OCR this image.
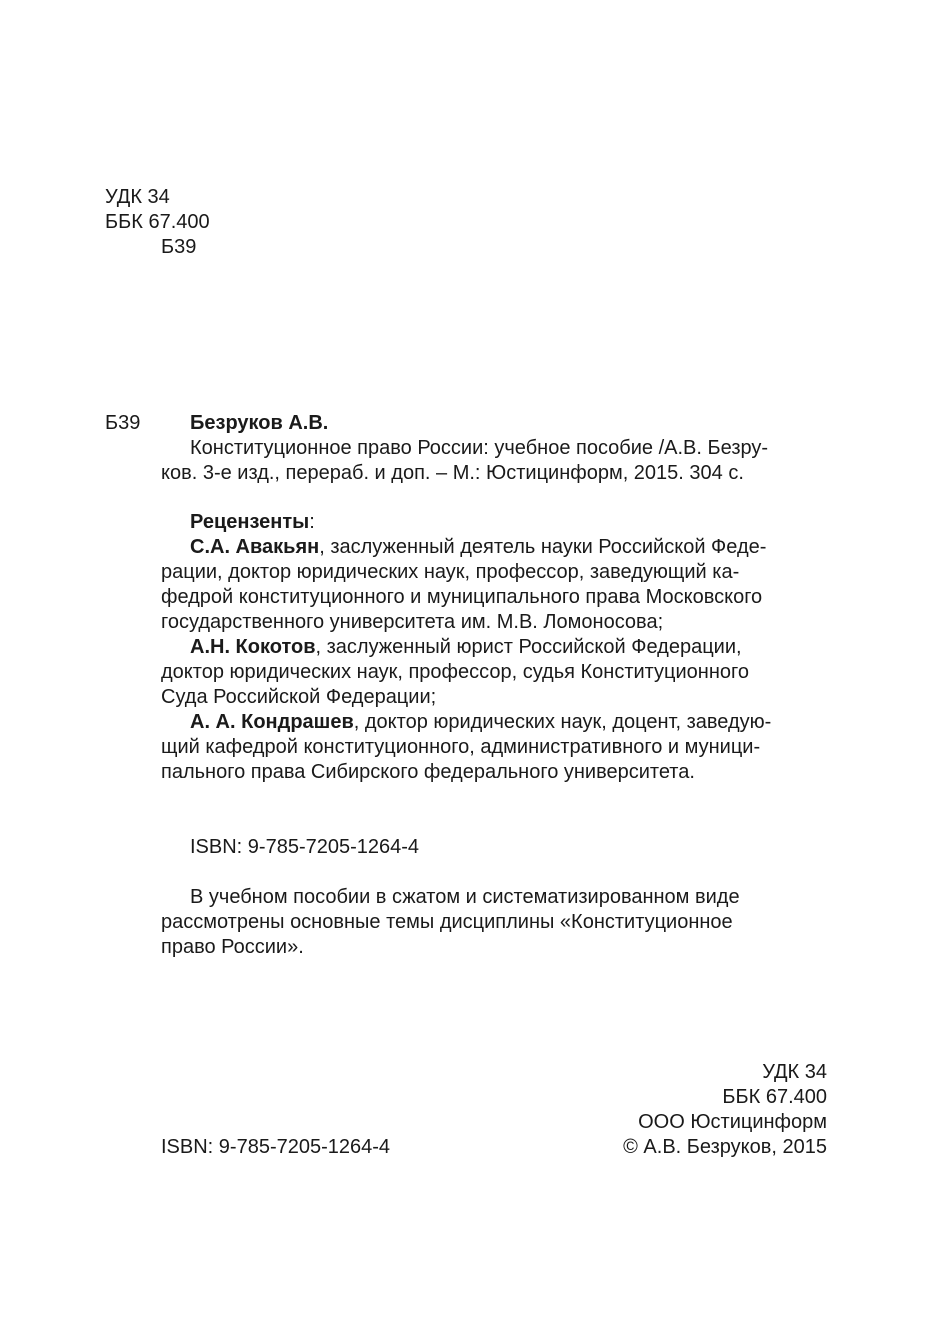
УДК 34
ББК 67.400
Б39
Б39	Безруков А.В.
Конституционное право России: учебное пособие /А.В. Безру-
ков. 3-е изд., перераб. и доп. – М.: Юстицинформ, 2015. 304 с.
Рецензенты:
С.А. Авакьян, заслуженный деятель науки Российской Феде-
рации, доктор юридических наук, профессор, заведующий ка-
федрой конституционного и муниципального права Московского
государственного университета им. М.В. Ломоносова;
А.Н. Кокотов, заслуженный юрист Российской Федерации,
доктор юридических наук, профессор, судья Конституционного
Суда Российской Федерации;
А. А. Кондрашев, доктор юридических наук, доцент, заведую-
щий кафедрой конституционного, административного и муници-
пального права Сибирского федерального университета.
ISBN: 9-785-7205-1264-4
В учебном пособии в сжатом и систематизированном виде
рассмотрены основные темы дисциплины «Конституционное
право России».
УДК 34
ББК 67.400
ООО Юстицинформ
© А.В. Безруков, 2015
ISBN: 9-785-7205-1264-4
